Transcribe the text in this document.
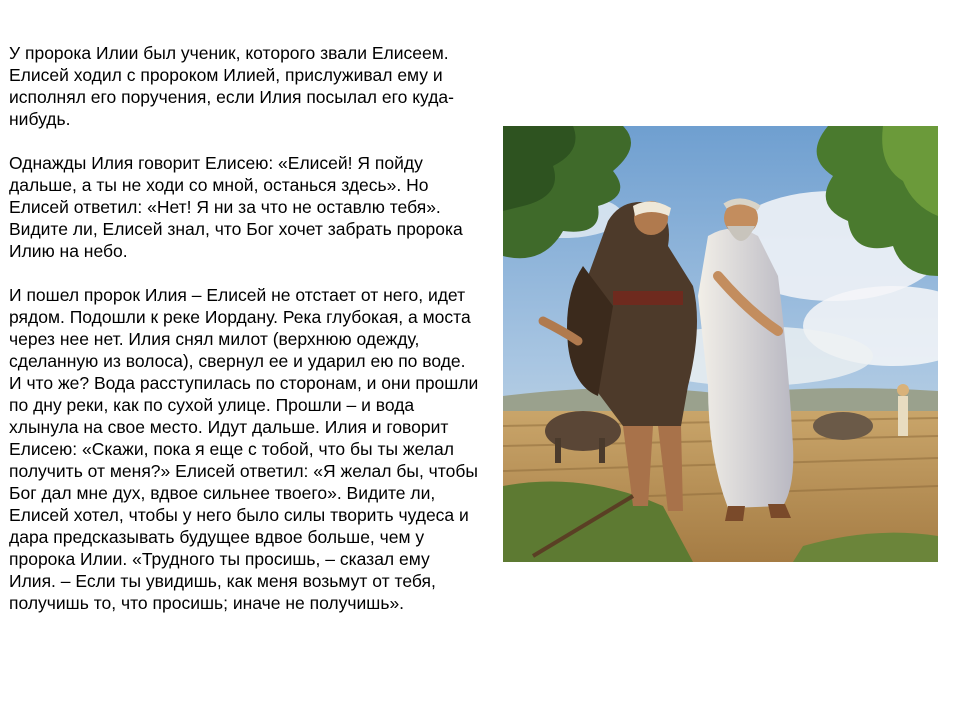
У пророка Илии был ученик, которого звали Елисеем. Елисей ходил с пророком Илией, прислуживал ему и исполнял его поручения, если Илия посылал его куда-нибудь.

Однажды Илия говорит Елисею: «Елисей! Я пойду дальше, а ты не ходи со мной, останься здесь». Но Елисей ответил: «Нет! Я ни за что не оставлю тебя». Видите ли, Елисей знал, что Бог хочет забрать пророка Илию на небо.

И пошел пророк Илия – Елисей не отстает от него, идет рядом. Подошли к реке Иордану. Река глубокая, а моста через нее нет. Илия снял милот (верхнюю одежду, сделанную из волоса), свернул ее и ударил ею по воде. И что же? Вода расступилась по сторонам, и они прошли по дну реки, как по сухой улице. Прошли – и вода хлынула на свое место. Идут дальше. Илия и говорит Елисею: «Скажи, пока я еще с тобой, что бы ты желал получить от меня?» Елисей ответил: «Я желал бы, чтобы Бог дал мне дух, вдвое сильнее твоего». Видите ли, Елисей хотел, чтобы у него было силы творить чудеса и дара предсказывать будущее вдвое больше, чем у пророка Илии. «Трудного ты просишь, – сказал ему Илия. – Если ты увидишь, как меня возьмут от тебя, получишь то, что просишь; иначе не получишь».
